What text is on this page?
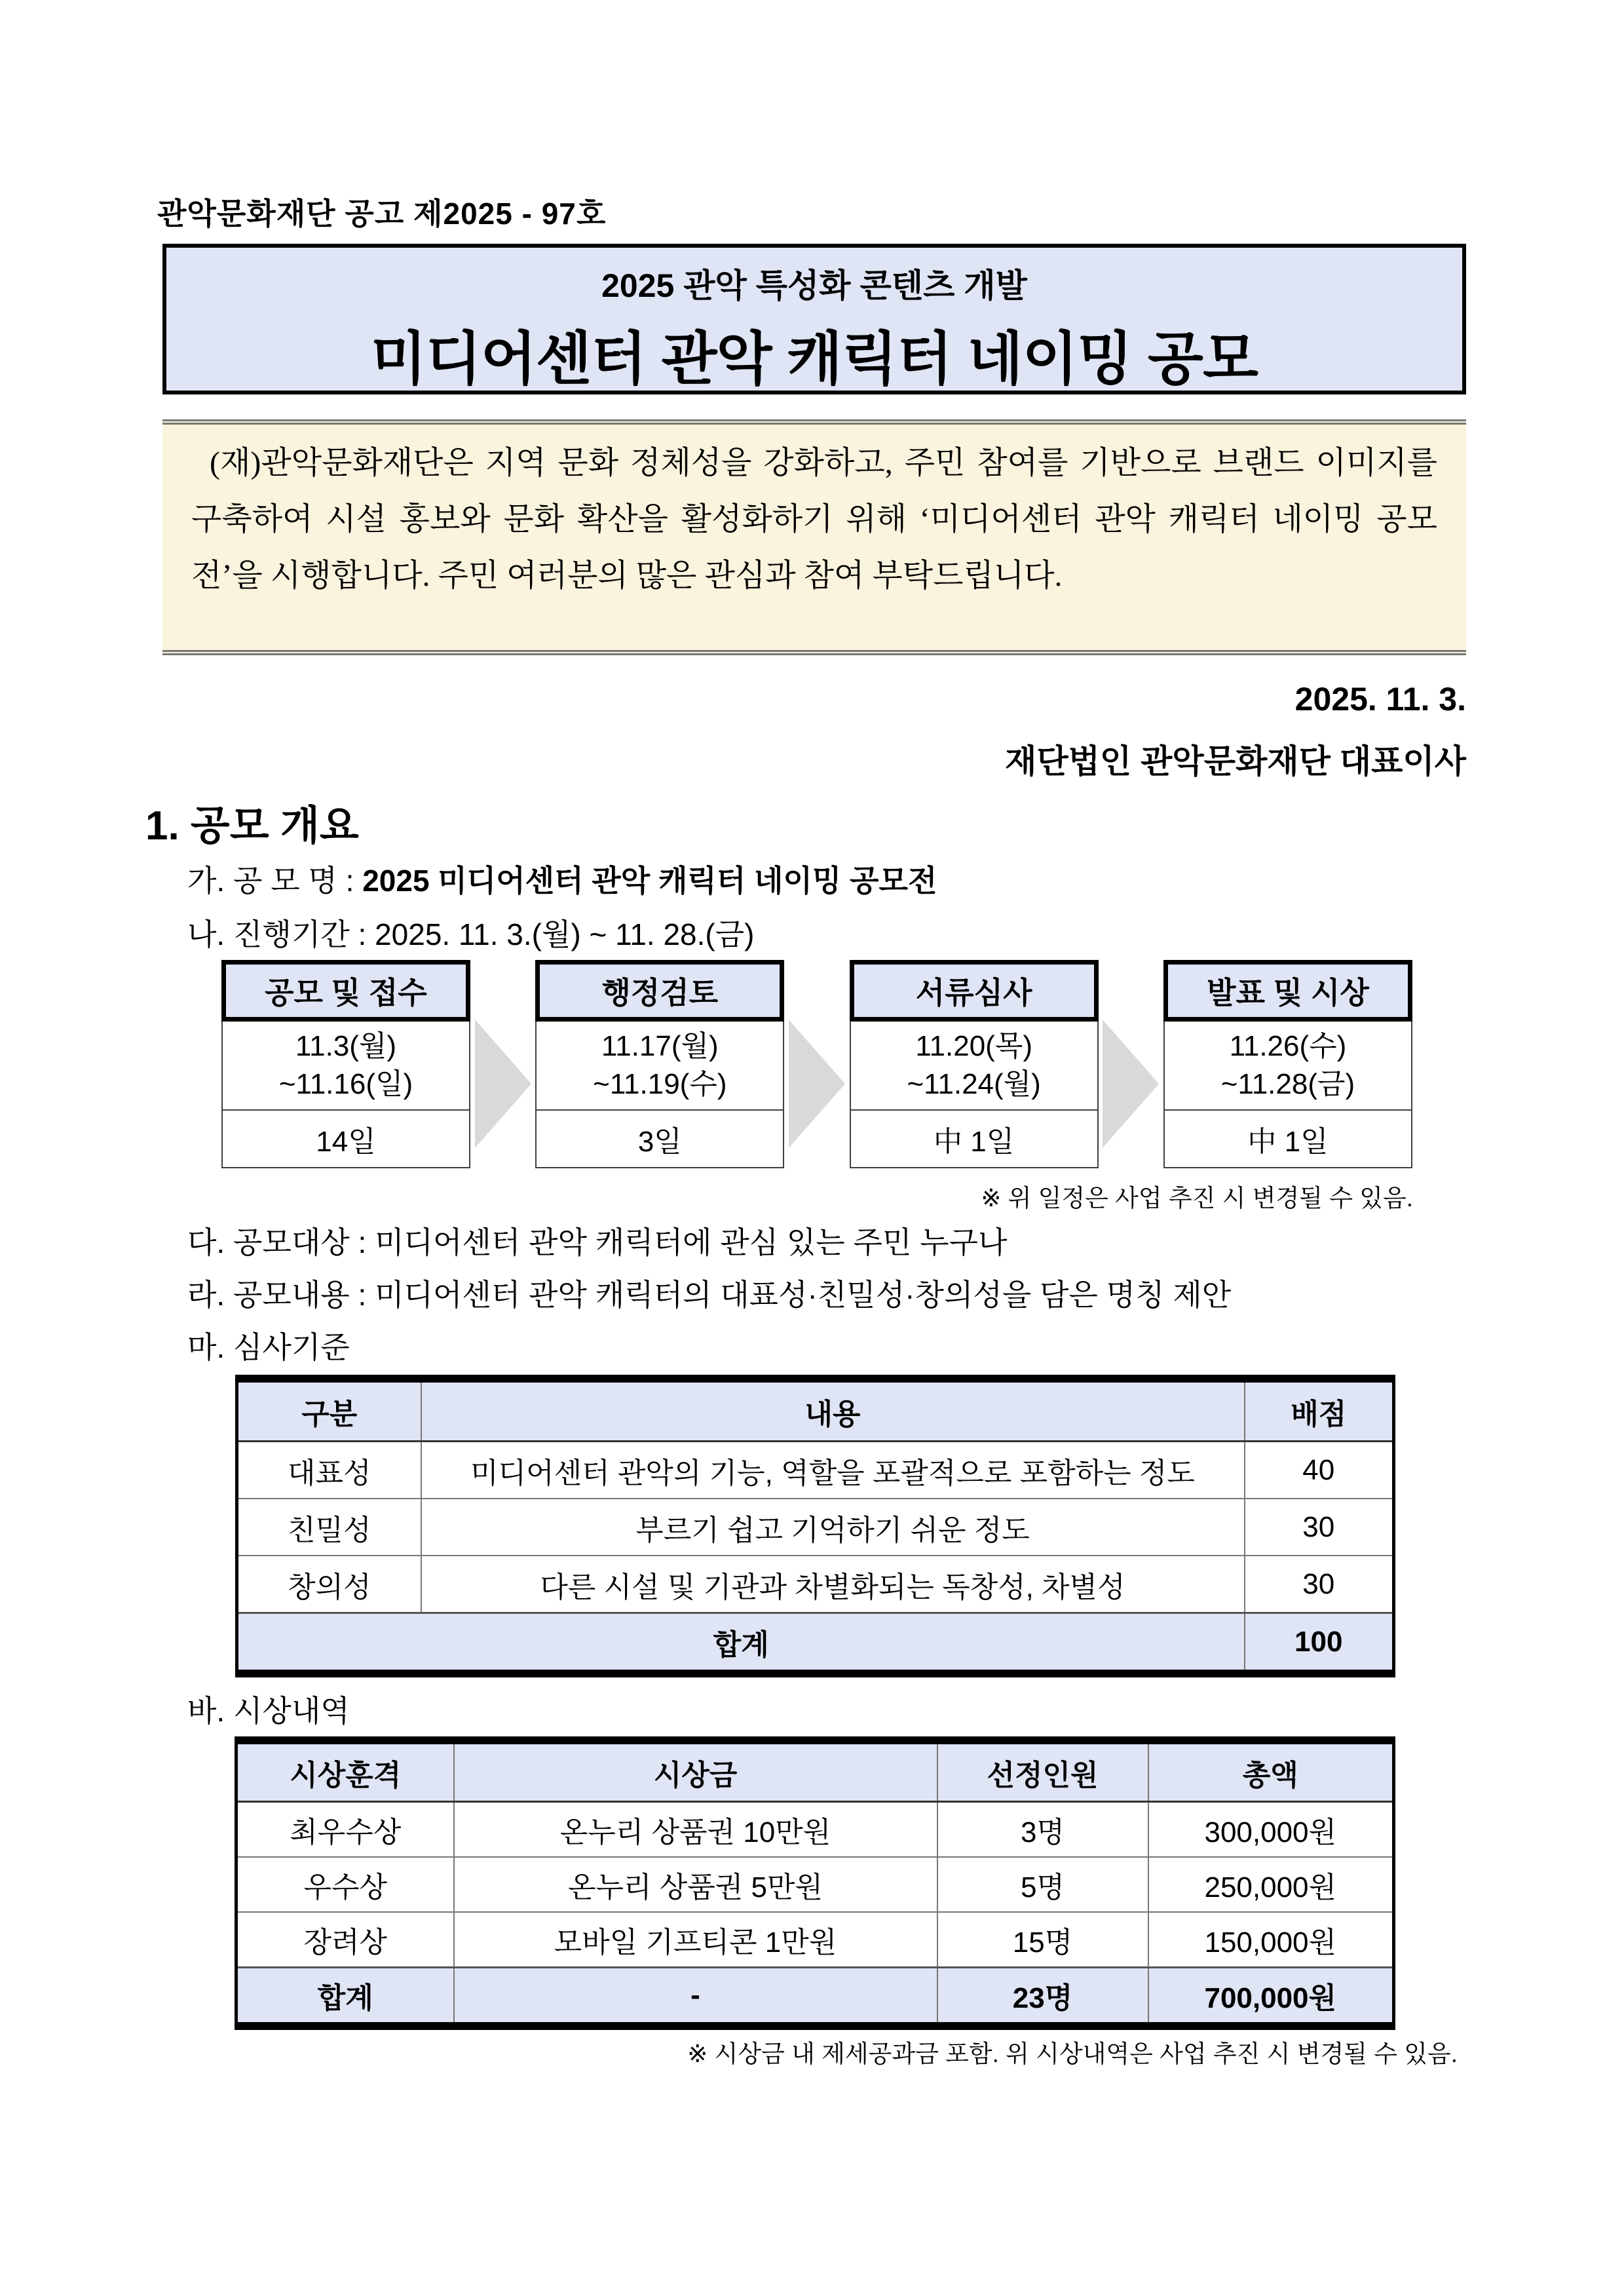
관악문화재단 공고 제2025 - 97호
2025 관악 특성화 콘텐츠 개발
미디어센터 관악 캐릭터 네이밍 공모
(재)관악문화재단은 지역 문화 정체성을 강화하고, 주민 참여를 기반으로 브랜드 이미지를 구축하여 시설 홍보와 문화 확산을 활성화하기 위해 ‘미디어센터 관악 캐릭터 네이밍 공모전’을 시행합니다. 주민 여러분의 많은 관심과 참여 부탁드립니다.
2025. 11. 3.
재단법인 관악문화재단 대표이사
1. 공모 개요
가. 공 모 명 : 2025 미디어센터 관악 캐릭터 네이밍 공모전
나. 진행기간 : 2025. 11. 3.(월) ~ 11. 28.(금)
공모 및 접수
11.3(월)
~11.16(일)
14일
행정검토
11.17(월)
~11.19(수)
3일
서류심사
11.20(목)
~11.24(월)
中 1일
발표 및 시상
11.26(수)
~11.28(금)
中 1일
※ 위 일정은 사업 추진 시 변경될 수 있음.
다. 공모대상 : 미디어센터 관악 캐릭터에 관심 있는 주민 누구나
라. 공모내용 : 미디어센터 관악 캐릭터의 대표성·친밀성·창의성을 담은 명칭 제안
마. 심사기준
구분	내용	배점
대표성	미디어센터 관악의 기능, 역할을 포괄적으로 포함하는 정도	40
친밀성	부르기 쉽고 기억하기 쉬운 정도	30
창의성	다른 시설 및 기관과 차별화되는 독창성, 차별성	30
합계		100
바. 시상내역
시상훈격	시상금	선정인원	총액
최우수상	온누리 상품권 10만원	3명	300,000원
우수상	온누리 상품권 5만원	5명	250,000원
장려상	모바일 기프티콘 1만원	15명	150,000원
합계	-	23명	700,000원
※ 시상금 내 제세공과금 포함. 위 시상내역은 사업 추진 시 변경될 수 있음.
